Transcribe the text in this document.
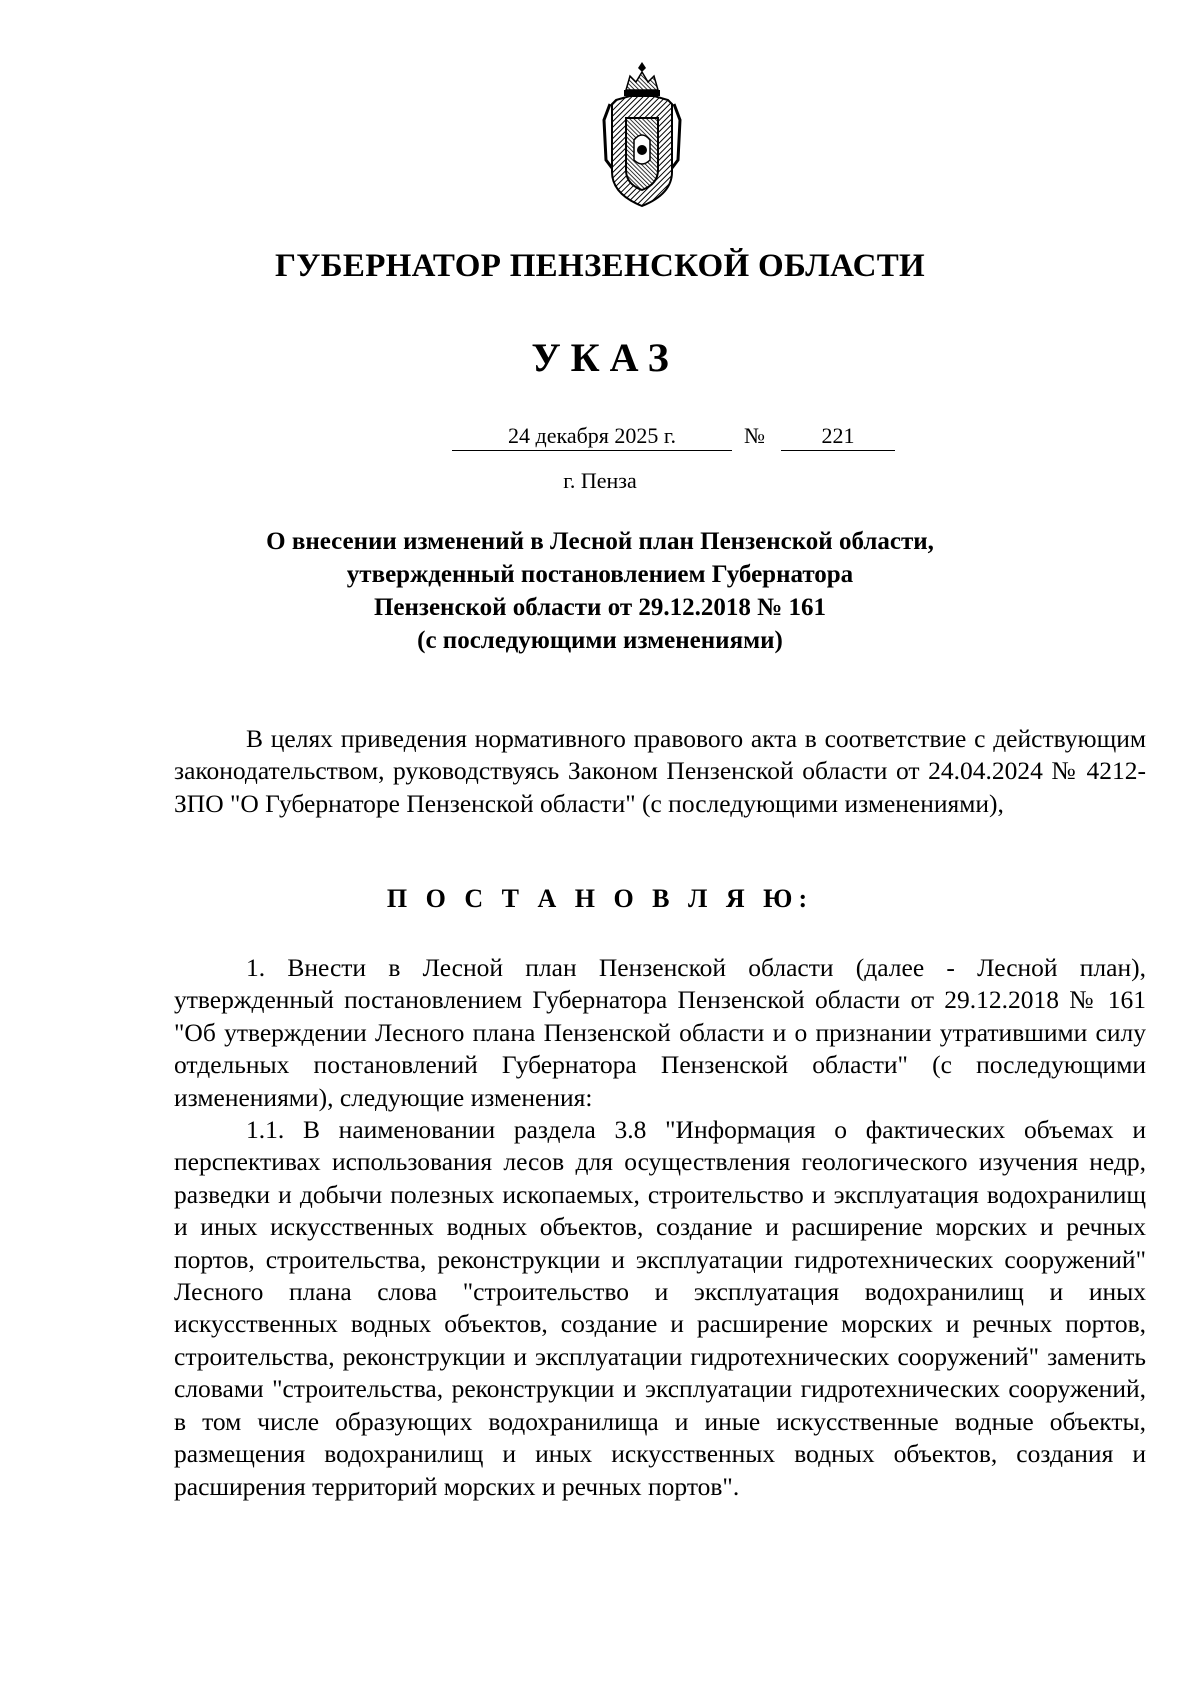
ГУБЕРНАТОР ПЕНЗЕНСКОЙ ОБЛАСТИ
УКАЗ
24 декабря 2025 г.	№	221
г. Пенза
О внесении изменений в Лесной план Пензенской области,
утвержденный постановлением Губернатора
Пензенской области от 29.12.2018 № 161
(с последующими изменениями)

В целях приведения нормативного правового акта в соответствие с действующим законодательством, руководствуясь Законом Пензенской области от 24.04.2024 № 4212-ЗПО "О Губернаторе Пензенской области" (с последующими изменениями),

П О С Т А Н О В Л Я Ю:

1. Внести в Лесной план Пензенской области (далее - Лесной план), утвержденный постановлением Губернатора Пензенской области от 29.12.2018 № 161 "Об утверждении Лесного плана Пензенской области и о признании утратившими силу отдельных постановлений Губернатора Пензенской области" (с последующими изменениями), следующие изменения:

1.1. В наименовании раздела 3.8 "Информация о фактических объемах и перспективах использования лесов для осуществления геологического изучения недр, разведки и добычи полезных ископаемых, строительство и эксплуатация водохранилищ и иных искусственных водных объектов, создание и расширение морских и речных портов, строительства, реконструкции и эксплуатации гидротехнических сооружений" Лесного плана слова "строительство и эксплуатация водохранилищ и иных искусственных водных объектов, создание и расширение морских и речных портов, строительства, реконструкции и эксплуатации гидротехнических сооружений" заменить словами "строительства, реконструкции и эксплуатации гидротехнических сооружений, в том числе образующих водохранилища и иные искусственные водные объекты, размещения водохранилищ и иных искусственных водных объектов, создания и расширения территорий морских и речных портов".
